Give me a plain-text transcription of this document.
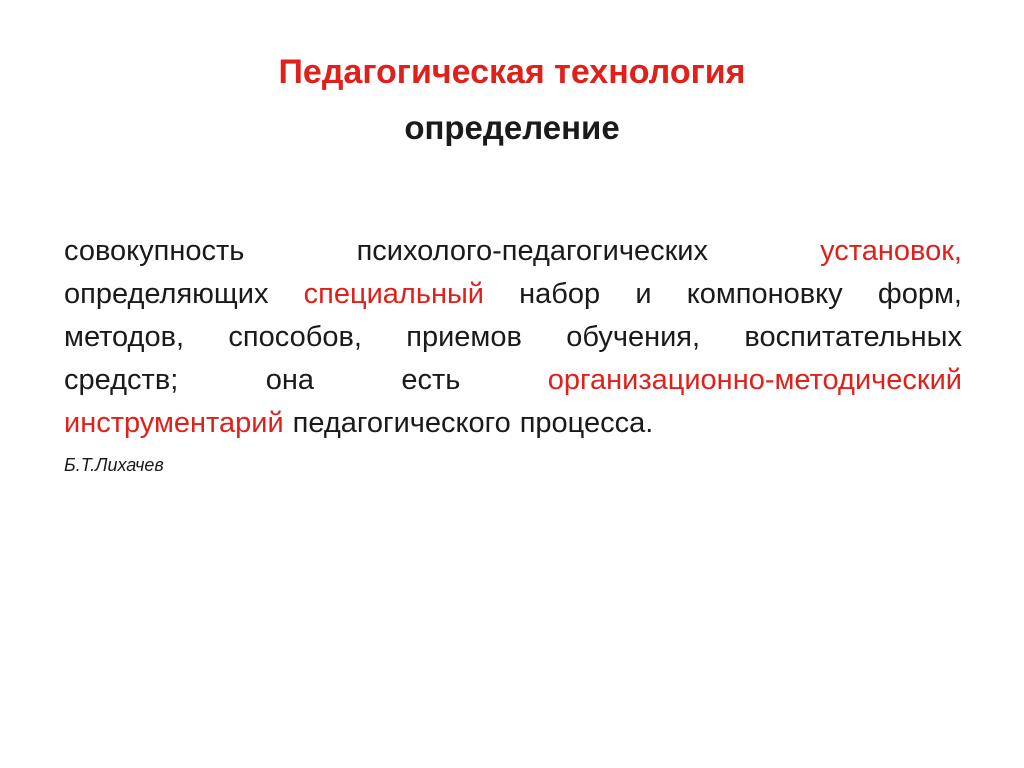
Педагогическая технология
определение
совокупность	психолого-педагогических	установок,
определяющих специальный набор и компоновку форм,
методов, способов, приемов обучения, воспитательных
средств;	она	есть	организационно-методический
инструментарий педагогического процесса.
Б.Т.Лихачев
